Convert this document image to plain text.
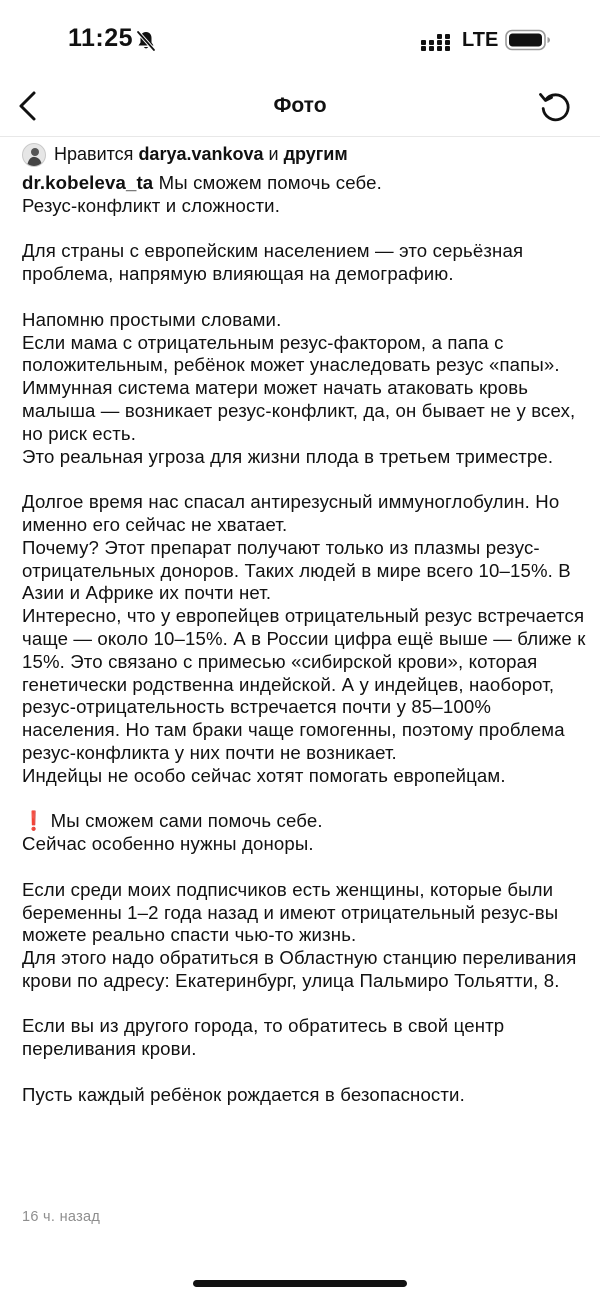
11:25	LTE
Фото
Нравится darya.vankova и другим
dr.kobeleva_ta Мы сможем помочь себе.
Резус-конфликт и сложности.

Для страны с европейским населением — это серьёзная проблема, напрямую влияющая на демографию.

Напомню простыми словами.
Если мама с отрицательным резус-фактором, а папа с положительным, ребёнок может унаследовать резус «папы». Иммунная система матери может начать атаковать кровь малыша — возникает резус-конфликт, да, он бывает не у всех, но риск есть.
Это реальная угроза для жизни плода в третьем триместре.

Долгое время нас спасал антирезусный иммуноглобулин. Но именно его сейчас не хватает.
Почему? Этот препарат получают только из плазмы резус-отрицательных доноров. Таких людей в мире всего 10–15%. В Азии и Африке их почти нет.
Интересно, что у европейцев отрицательный резус встречается чаще — около 10–15%. А в России цифра ещё выше — ближе к 15%. Это связано с примесью «сибирской крови», которая генетически родственна индейской. А у индейцев, наоборот, резус-отрицательность встречается почти у 85–100% населения. Но там браки чаще гомогенны, поэтому проблема резус-конфликта у них почти не возникает.
Индейцы не особо сейчас хотят помогать европейцам.

❗ Мы сможем сами помочь себе.
Сейчас особенно нужны доноры.

Если среди моих подписчиков есть женщины, которые были беременны 1–2 года назад и имеют отрицательный резус-вы можете реально спасти чью-то жизнь.
Для этого надо обратиться в Областную станцию переливания крови по адресу: Екатеринбург, улица Пальмиро Тольятти, 8.

Если вы из другого города, то обратитесь в свой центр переливания крови.

Пусть каждый ребёнок рождается в безопасности.
16 ч. назад
